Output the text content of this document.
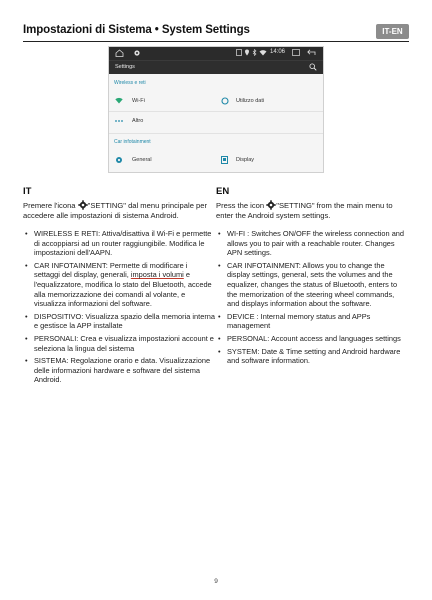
Impostazioni di Sistema • System Settings	IT-EN
14:06
Settings
Wireless e reti
Wi-Fi	Utilizzo dati
Altro
Car infotainment
General	Display
IT

Premere l'icona "SETTING" dal menu principale per accedere alle impostazioni di sistema Android.

• WIRELESS E RETI: Attiva/disattiva il Wi-Fi e permette di accoppiarsi ad un router raggiungibile. Modifica le impostazioni dell'AAPN.
• CAR INFOTAINMENT: Permette di modificare i settaggi del display, generali, imposta i volumi e l'equalizzatore, modifica lo stato del Bluetooth, accede alla memorizzazione dei comandi al volante, e visualizza informazioni del software.
• DISPOSITIVO: Visualizza spazio della memoria interna e gestisce la APP installate
• PERSONALI: Crea e visualizza impostazioni account e seleziona la lingua del sistema
• SISTEMA: Regolazione orario e data. Visualizzazione delle informazioni hardware e software del sistema Android.
EN

Press the icon "SETTING" from the main menu to enter the Android system settings.

• WI-FI : Switches ON/OFF the wireless connection and allows you to pair with a reachable router. Changes APN settings.
• CAR INFOTAINMENT: Allows you to change the display settings, general, sets the volumes and the equalizer, changes the status of Bluetooth, enters to the memorization of the steering wheel commands, and displays information about the software.
• DEVICE : Internal memory status and APPs management
• PERSONAL: Account access and languages settings
• SYSTEM: Date & Time setting and Android hardware and software information.
9
